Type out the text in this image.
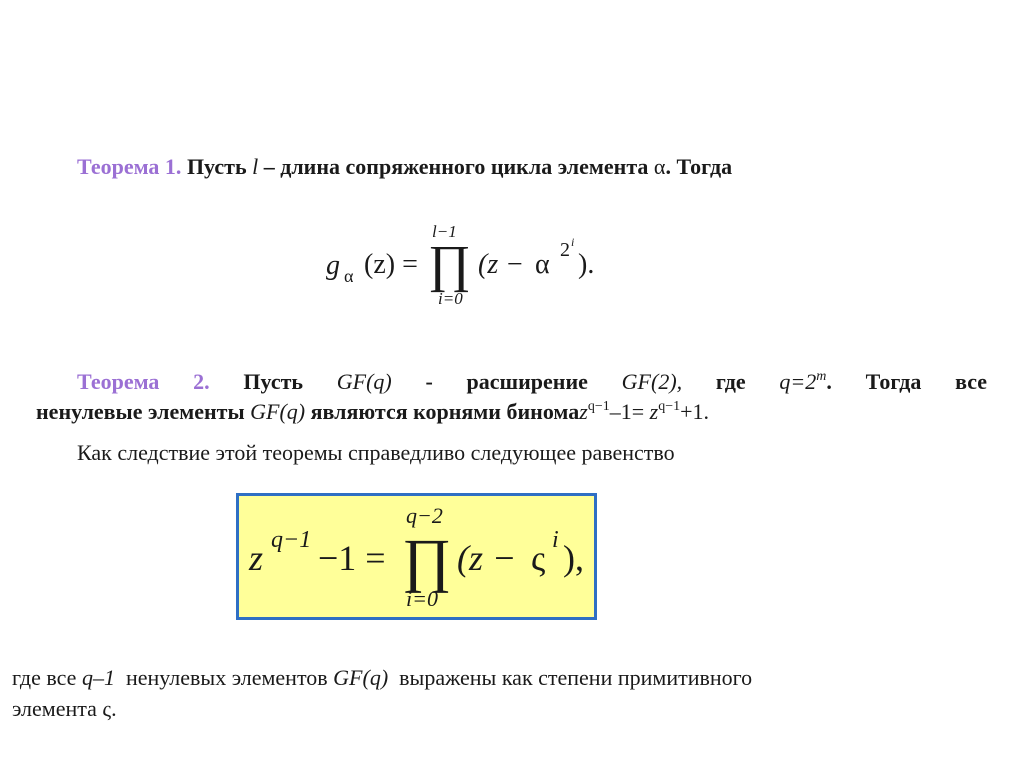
Теорема 1. Пусть l – длина сопряженного цикла элемента α. Тогда
g α (z) =
l−1
∏
i=0
(z − α 2 i
).
Теорема 2. Пусть GF(q) - расширение GF(2), где $q=2^m$. Тогда все
ненулевые элементы GF(q) являются корнями биномаz$^{q-1}$–1= $z^{q-1}+1$.
Как следствие этой теоремы справедливо следующее равенство
z q−1 −1 =
q−2
∏
i=0
(z − ς i ),
где все q–1 ненулевых элементов GF(q) выражены как степени примитивного
элемента ς.
